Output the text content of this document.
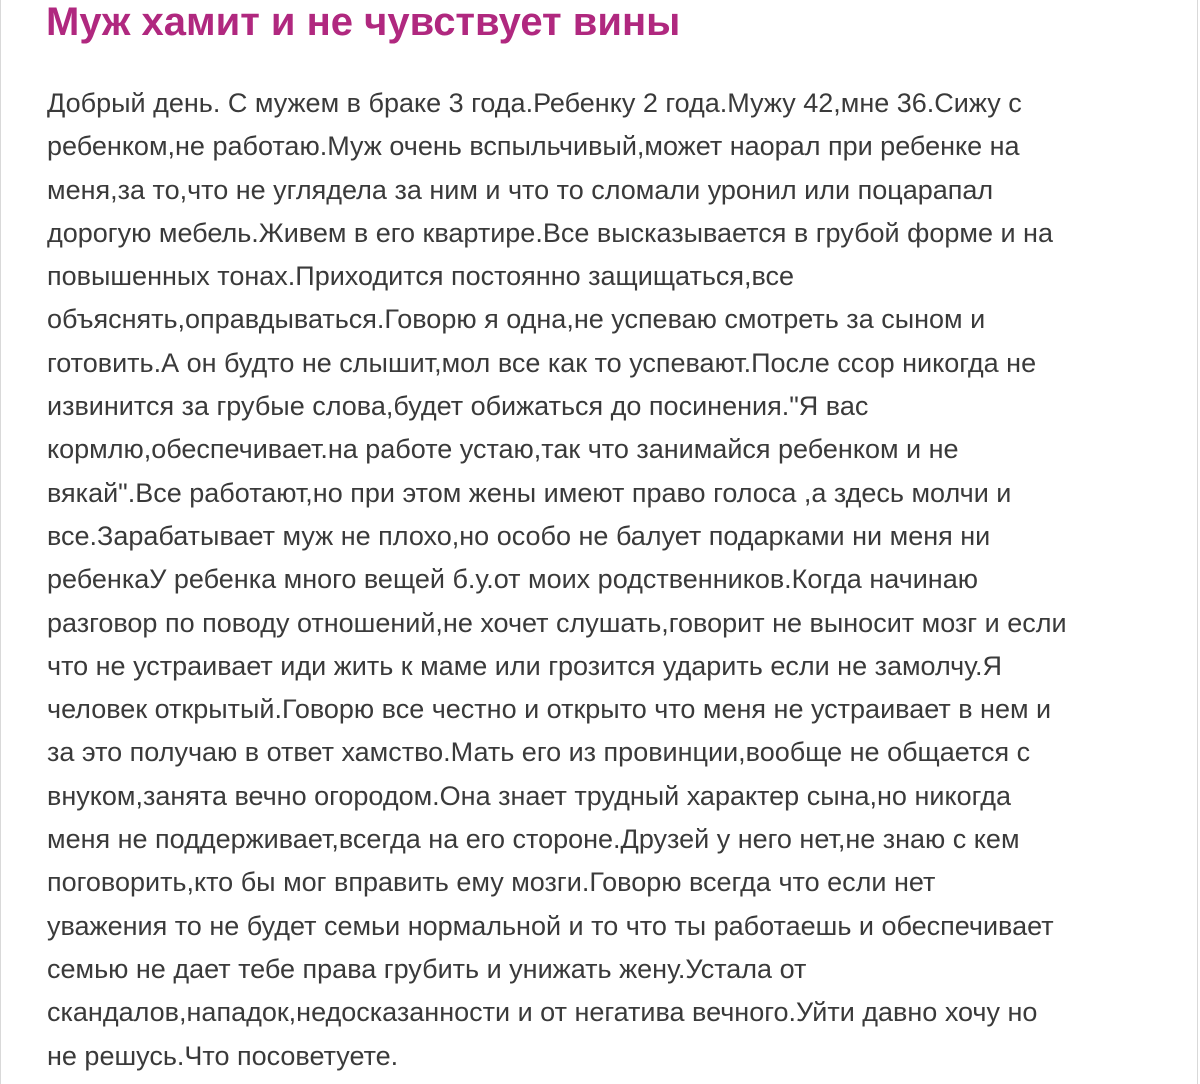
Муж хамит и не чувствует вины
Добрый день. С мужем в браке 3 года.Ребенку 2 года.Мужу 42,мне 36.Сижу с
ребенком,не работаю.Муж очень вспыльчивый,может наорал при ребенке на
меня,за то,что не углядела за ним и что то сломали уронил или поцарапал
дорогую мебель.Живем в его квартире.Все высказывается в грубой форме и на
повышенных тонах.Приходится постоянно защищаться,все
объяснять,оправдываться.Говорю я одна,не успеваю смотреть за сыном и
готовить.А он будто не слышит,мол все как то успевают.После ссор никогда не
извинится за грубые слова,будет обижаться до посинения."Я вас
кормлю,обеспечивает.на работе устаю,так что занимайся ребенком и не
вякай".Все работают,но при этом жены имеют право голоса ,а здесь молчи и
все.Зарабатывает муж не плохо,но особо не балует подарками ни меня ни
ребенкаУ ребенка много вещей б.у.от моих родственников.Когда начинаю
разговор по поводу отношений,не хочет слушать,говорит не выносит мозг и если
что не устраивает иди жить к маме или грозится ударить если не замолчу.Я
человек открытый.Говорю все честно и открыто что меня не устраивает в нем и
за это получаю в ответ хамство.Мать его из провинции,вообще не общается с
внуком,занята вечно огородом.Она знает трудный характер сына,но никогда
меня не поддерживает,всегда на его стороне.Друзей у него нет,не знаю с кем
поговорить,кто бы мог вправить ему мозги.Говорю всегда что если нет
уважения то не будет семьи нормальной и то что ты работаешь и обеспечивает
семью не дает тебе права грубить и унижать жену.Устала от
скандалов,нападок,недосказанности и от негатива вечного.Уйти давно хочу но
не решусь.Что посоветуете.
